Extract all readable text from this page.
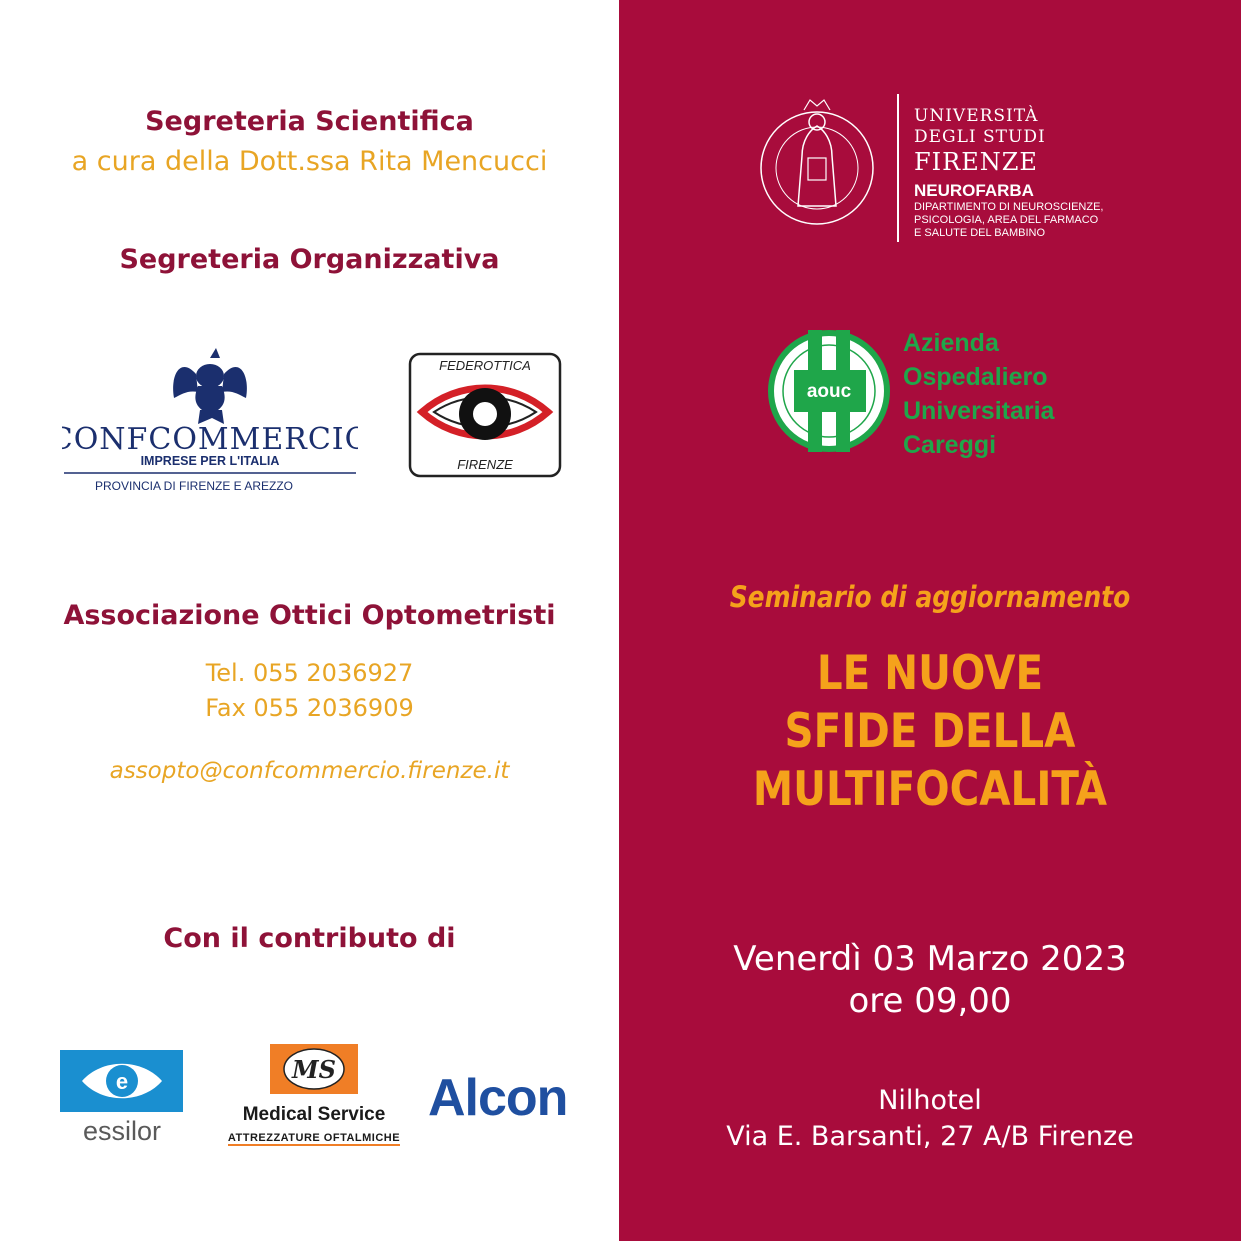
Segreteria Scientifica
a cura della Dott.ssa Rita Mencucci
Segreteria Organizzativa
CONFCOMMERCIO
IMPRESE PER L'ITALIA
PROVINCIA DI FIRENZE E AREZZO
FEDEROTTICA
FIRENZE
Associazione Ottici Optometristi
Tel. 055 2036927
Fax 055 2036909
assopto@confcommercio.firenze.it
Con il contributo di
e
essilor
MS
Medical Service
ATTREZZATURE OFTALMICHE
Alcon
UNIVERSITÀ
DEGLI STUDI
FIRENZE
NEUROFARBA
DIPARTIMENTO DI NEUROSCIENZE,
PSICOLOGIA, AREA DEL FARMACO
E SALUTE DEL BAMBINO
aouc
Azienda
Ospedaliero
Universitaria
Careggi
Seminario di aggiornamento
LE NUOVE
SFIDE DELLA
MULTIFOCALITÀ
Venerdì 03 Marzo 2023
ore 09,00
Nilhotel
Via E. Barsanti, 27 A/B Firenze
